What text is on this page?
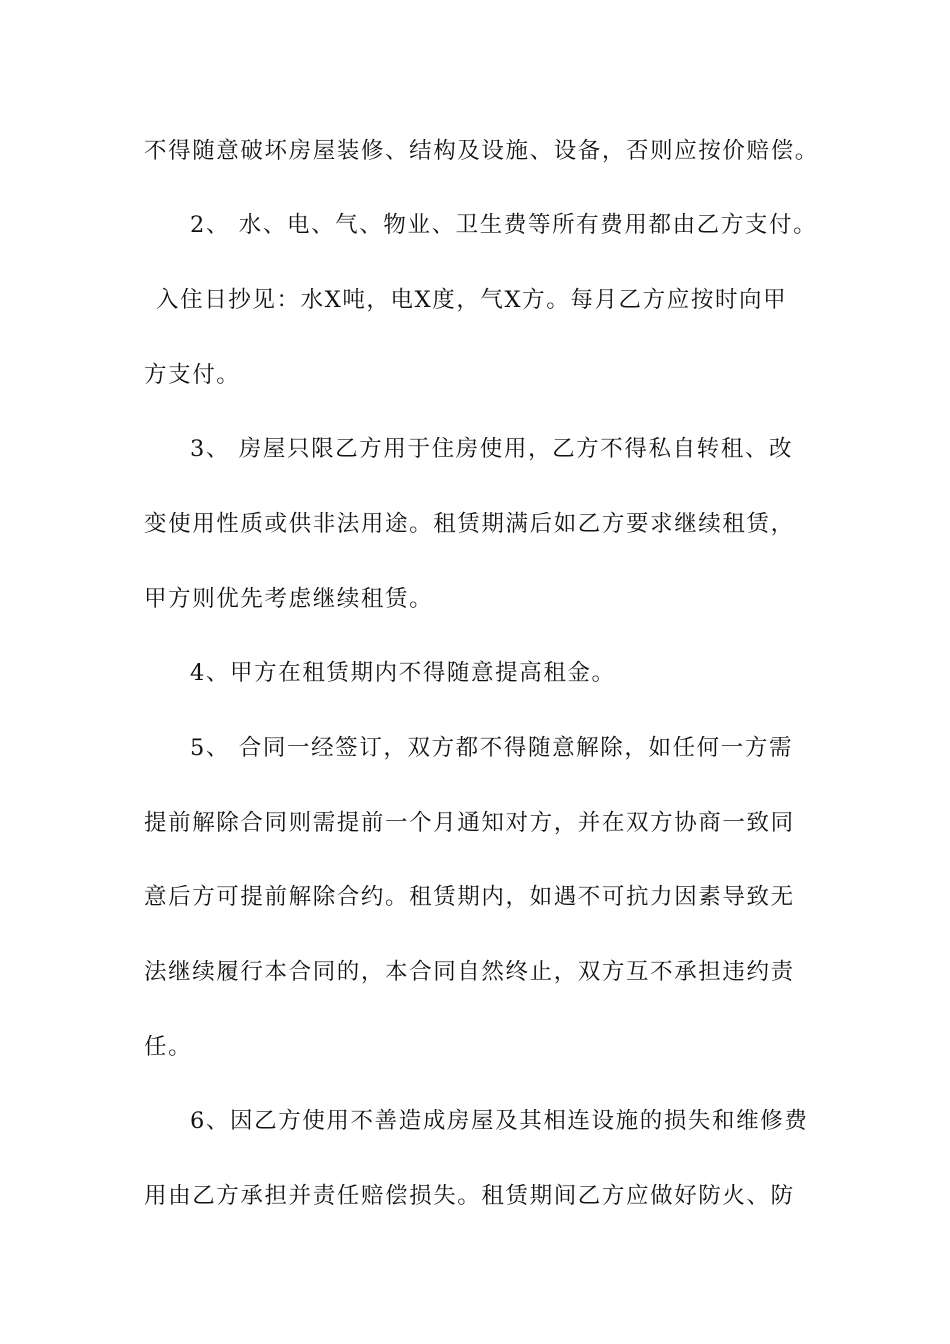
不得随意破坏房屋装修、结构及设施、设备，否则应按价赔偿。
2、 水、电、气、物业、卫生费等所有费用都由乙方支付。
入住日抄见：水X吨，电X度，气X方。每月乙方应按时向甲
方支付。
3、 房屋只限乙方用于住房使用，乙方不得私自转租、改
变使用性质或供非法用途。租赁期满后如乙方要求继续租赁，
甲方则优先考虑继续租赁。
4、甲方在租赁期内不得随意提高租金。
5、 合同一经签订，双方都不得随意解除，如任何一方需
提前解除合同则需提前一个月通知对方，并在双方协商一致同
意后方可提前解除合约。租赁期内，如遇不可抗力因素导致无
法继续履行本合同的，本合同自然终止，双方互不承担违约责
任。
6、因乙方使用不善造成房屋及其相连设施的损失和维修费
用由乙方承担并责任赔偿损失。租赁期间乙方应做好防火、防
